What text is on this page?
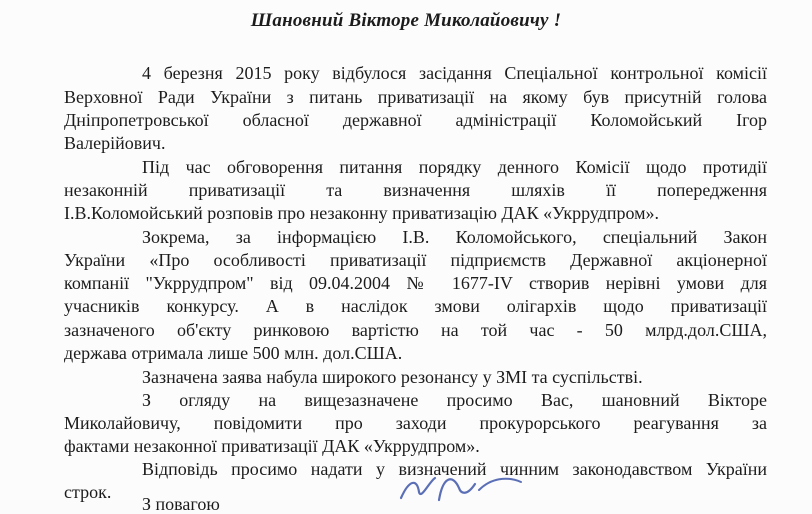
Шановний Вікторе Миколайовичу !
4 березня 2015 року відбулося засідання Спеціальної контрольної комісії
Верховної Ради України з питань приватизації на якому був присутній голова
Дніпропетровської обласної державної адміністрації Коломойський Ігор
Валерійович.
Під час обговорення питання порядку денного Комісії щодо протидії
незаконній приватизації та визначення шляхів її попередження
І.В.Коломойський розповів про незаконну приватизацію ДАК «Укррудпром».
Зокрема, за інформацією І.В. Коломойського, спеціальний Закон
України «Про особливості приватизації підприємств Державної акціонерної
компанії "Укррудпром" від 09.04.2004 № 1677-IV створив нерівні умови для
учасників конкурсу. А в наслідок змови олігархів щодо приватизації
зазначеного об'єкту ринковою вартістю на той час - 50 млрд.дол.США,
держава отримала лише 500 млн. дол.США.
Зазначена заява набула широкого резонансу у ЗМІ та суспільстві.
З огляду на вищезазначене просимо Вас, шановний Вікторе
Миколайовичу, повідомити про заходи прокурорського реагування за
фактами незаконної приватизації ДАК «Укррудпром».
Відповідь просимо надати у визначений чинним законодавством України
строк.
З повагою
